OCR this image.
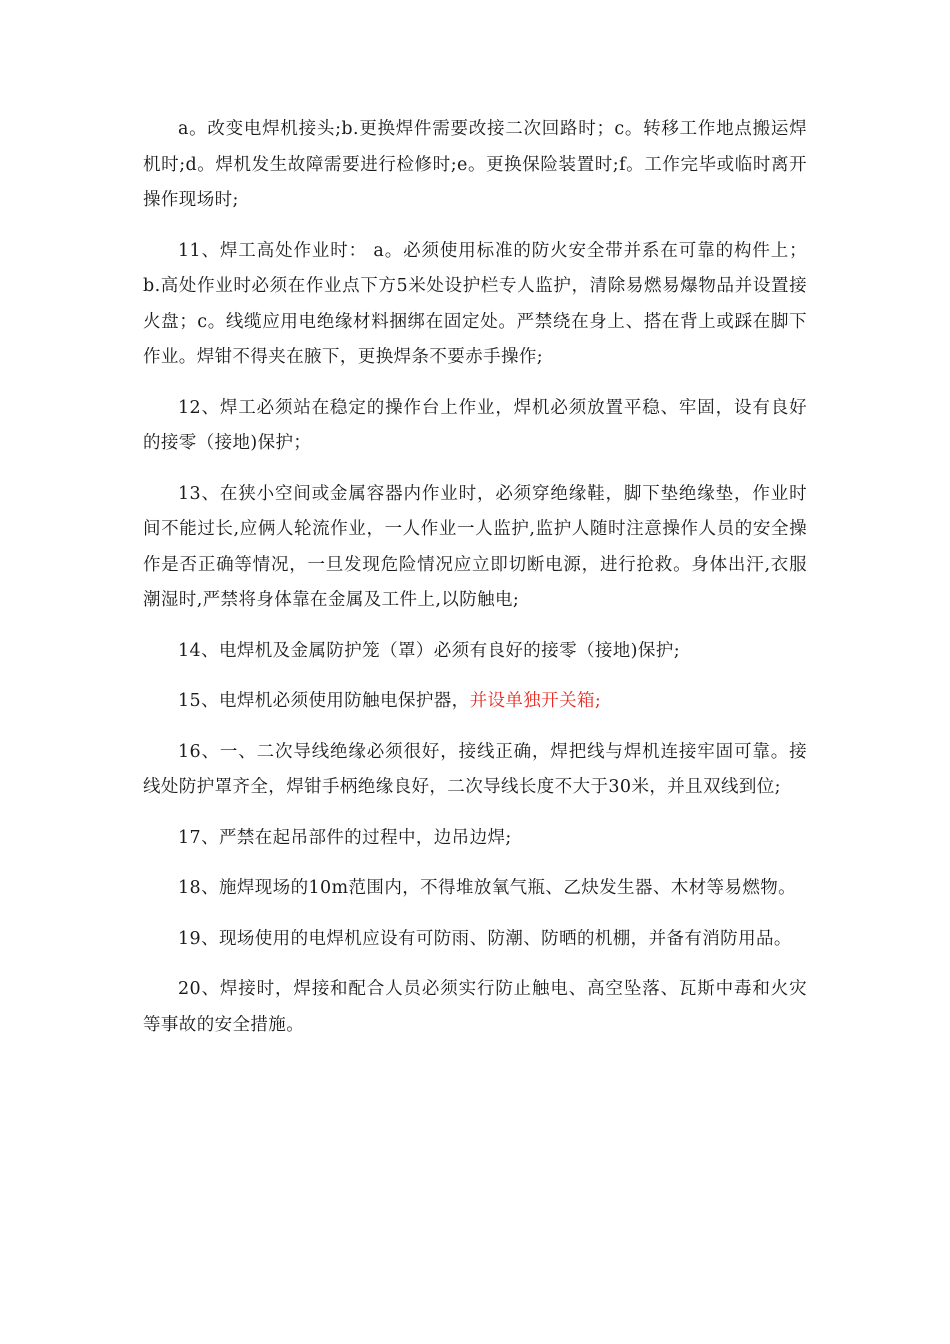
a。改变电焊机接头;b.更换焊件需要改接二次回路时；c。转移工作地点搬运焊机时;d。焊机发生故障需要进行检修时;e。更换保险装置时;f。工作完毕或临时离开操作现场时;

11、焊工高处作业时： a。必须使用标准的防火安全带并系在可靠的构件上；b.高处作业时必须在作业点下方5米处设护栏专人监护，清除易燃易爆物品并设置接火盘；c。线缆应用电绝缘材料捆绑在固定处。严禁绕在身上、搭在背上或踩在脚下作业。焊钳不得夹在腋下，更换焊条不要赤手操作;

12、焊工必须站在稳定的操作台上作业，焊机必须放置平稳、牢固，设有良好的接零（接地)保护；

13、在狭小空间或金属容器内作业时，必须穿绝缘鞋，脚下垫绝缘垫，作业时间不能过长,应俩人轮流作业，一人作业一人监护,监护人随时注意操作人员的安全操作是否正确等情况，一旦发现危险情况应立即切断电源，进行抢救。身体出汗,衣服潮湿时,严禁将身体靠在金属及工件上,以防触电;

14、电焊机及金属防护笼（罩）必须有良好的接零（接地)保护;

15、电焊机必须使用防触电保护器，并设单独开关箱;

16、一、二次导线绝缘必须很好，接线正确，焊把线与焊机连接牢固可靠。接线处防护罩齐全，焊钳手柄绝缘良好，二次导线长度不大于30米，并且双线到位;

17、严禁在起吊部件的过程中，边吊边焊;

18、施焊现场的10m范围内，不得堆放氧气瓶、乙炔发生器、木材等易燃物。

19、现场使用的电焊机应设有可防雨、防潮、防晒的机棚，并备有消防用品。

20、焊接时，焊接和配合人员必须实行防止触电、高空坠落、瓦斯中毒和火灾等事故的安全措施。
